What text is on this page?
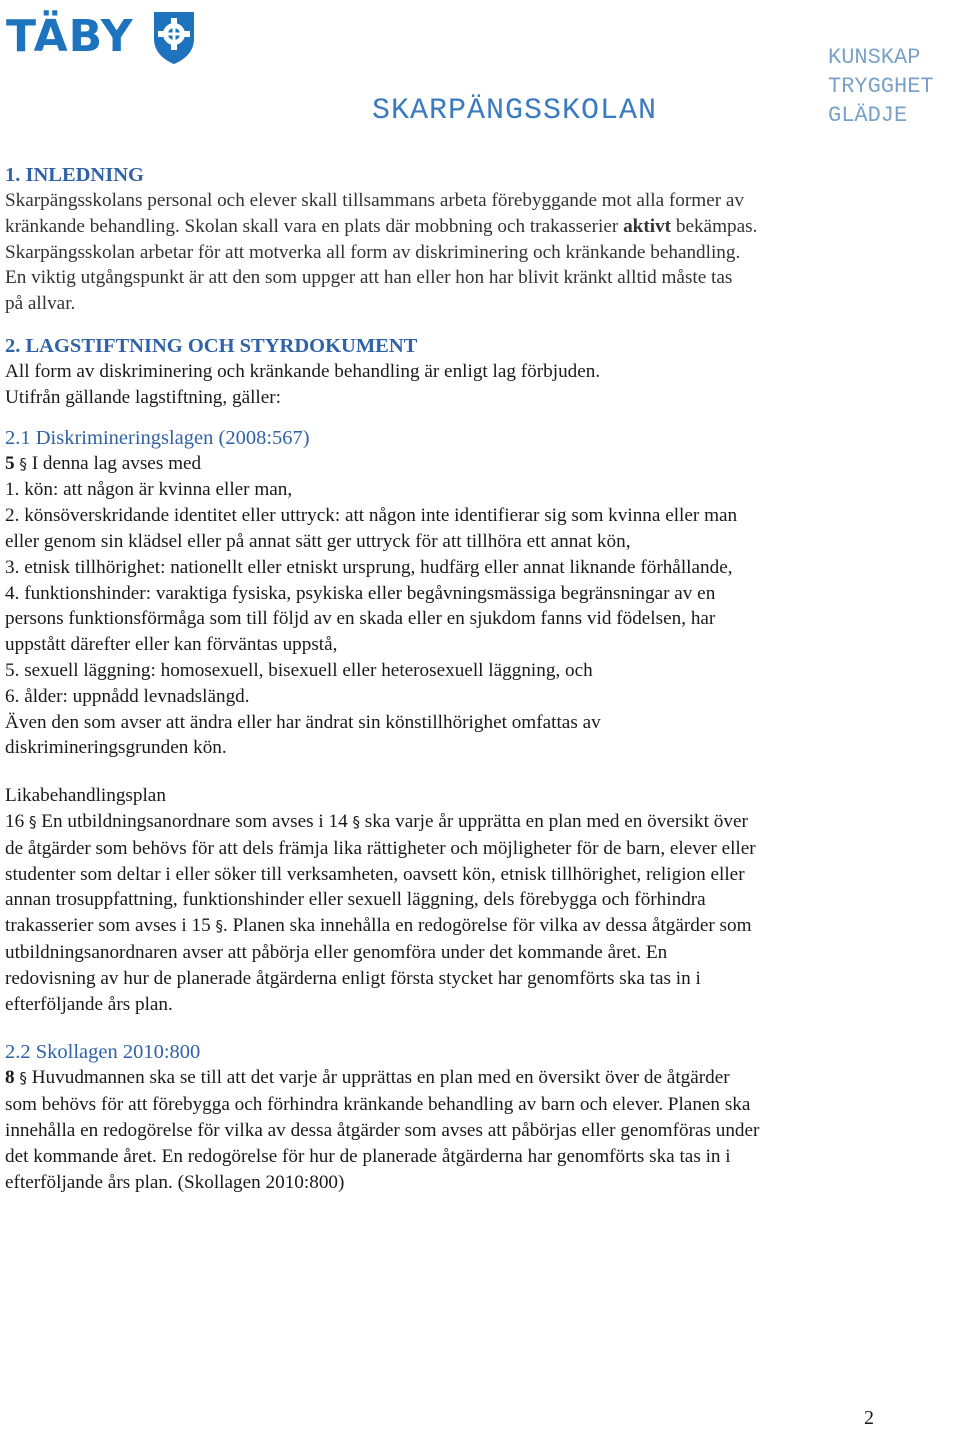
TÄBY
SKARPÄNGSSKOLAN
KUNSKAP
TRYGGHET
GLÄDJE
1. INLEDNING
Skarpängsskolans personal och elever skall tillsammans arbeta förebyggande mot alla former av
kränkande behandling. Skolan skall vara en plats där mobbning och trakasserier aktivt bekämpas.
Skarpängsskolan arbetar för att motverka all form av diskriminering och kränkande behandling.
En viktig utgångspunkt är att den som uppger att han eller hon har blivit kränkt alltid måste tas
på allvar.
2. LAGSTIFTNING OCH STYRDOKUMENT
All form av diskriminering och kränkande behandling är enligt lag förbjuden.
Utifrån gällande lagstiftning, gäller:
2.1 Diskrimineringslagen (2008:567)
5 § I denna lag avses med
1. kön: att någon är kvinna eller man,
2. könsöverskridande identitet eller uttryck: att någon inte identifierar sig som kvinna eller man
eller genom sin klädsel eller på annat sätt ger uttryck för att tillhöra ett annat kön,
3. etnisk tillhörighet: nationellt eller etniskt ursprung, hudfärg eller annat liknande förhållande,
4. funktionshinder: varaktiga fysiska, psykiska eller begåvningsmässiga begränsningar av en
persons funktionsförmåga som till följd av en skada eller en sjukdom fanns vid födelsen, har
uppstått därefter eller kan förväntas uppstå,
5. sexuell läggning: homosexuell, bisexuell eller heterosexuell läggning, och
6. ålder: uppnådd levnadslängd.
Även den som avser att ändra eller har ändrat sin könstillhörighet omfattas av
diskrimineringsgrunden kön.
Likabehandlingsplan
16 § En utbildningsanordnare som avses i 14 § ska varje år upprätta en plan med en översikt över
de åtgärder som behövs för att dels främja lika rättigheter och möjligheter för de barn, elever eller
studenter som deltar i eller söker till verksamheten, oavsett kön, etnisk tillhörighet, religion eller
annan trosuppfattning, funktionshinder eller sexuell läggning, dels förebygga och förhindra
trakasserier som avses i 15 §. Planen ska innehålla en redogörelse för vilka av dessa åtgärder som
utbildningsanordnaren avser att påbörja eller genomföra under det kommande året. En
redovisning av hur de planerade åtgärderna enligt första stycket har genomförts ska tas in i
efterföljande års plan.
2.2 Skollagen 2010:800
8 § Huvudmannen ska se till att det varje år upprättas en plan med en översikt över de åtgärder
som behövs för att förebygga och förhindra kränkande behandling av barn och elever. Planen ska
innehålla en redogörelse för vilka av dessa åtgärder som avses att påbörjas eller genomföras under
det kommande året. En redogörelse för hur de planerade åtgärderna har genomförts ska tas in i
efterföljande års plan. (Skollagen 2010:800)
2
